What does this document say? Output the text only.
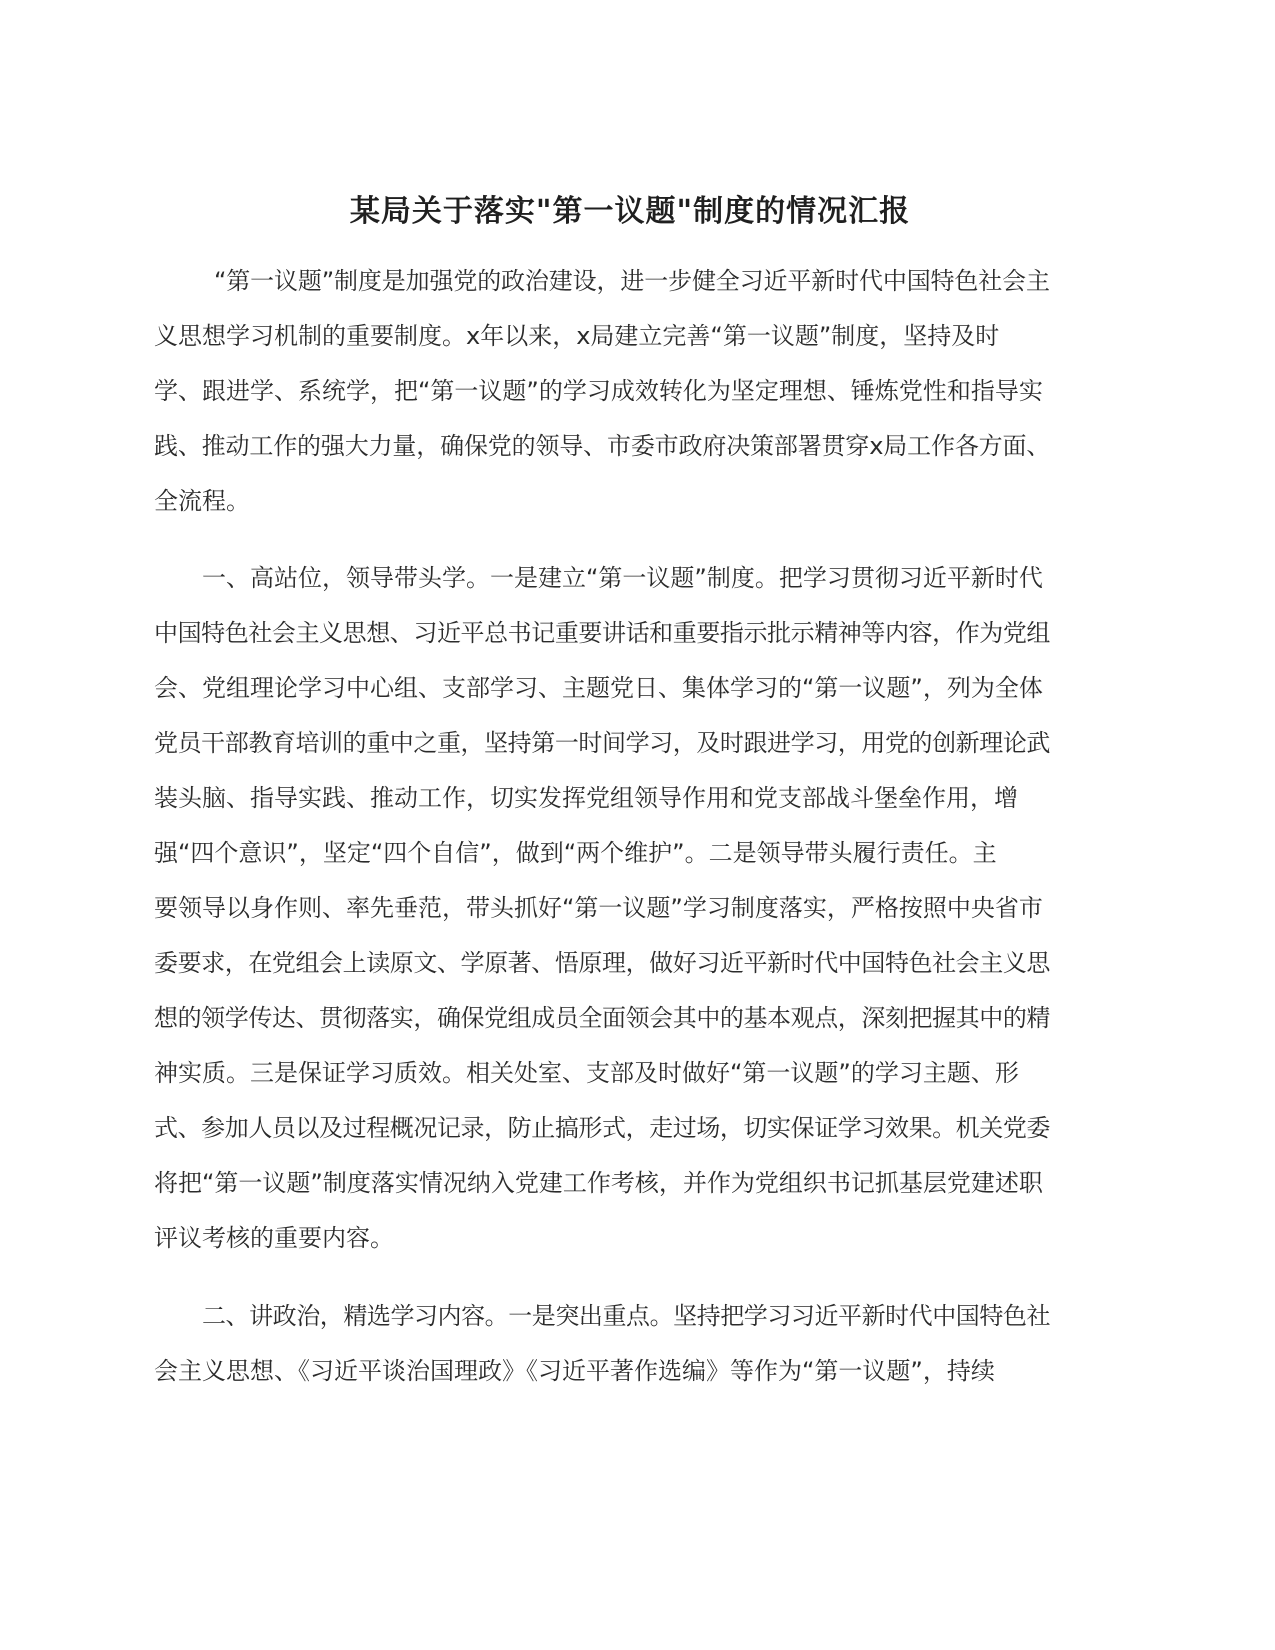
某局关于落实"第一议题"制度的情况汇报
“第一议题”制度是加强党的政治建设，进一步健全习近平新时代中国特色社会主
义思想学习机制的重要制度。x年以来，x局建立完善“第一议题”制度，坚持及时
学、跟进学、系统学，把“第一议题”的学习成效转化为坚定理想、锤炼党性和指导实
践、推动工作的强大力量，确保党的领导、市委市政府决策部署贯穿x局工作各方面、
全流程。
一、高站位，领导带头学。一是建立“第一议题”制度。把学习贯彻习近平新时代
中国特色社会主义思想、习近平总书记重要讲话和重要指示批示精神等内容，作为党组
会、党组理论学习中心组、支部学习、主题党日、集体学习的“第一议题”，列为全体
党员干部教育培训的重中之重，坚持第一时间学习，及时跟进学习，用党的创新理论武
装头脑、指导实践、推动工作，切实发挥党组领导作用和党支部战斗堡垒作用，增
强“四个意识”，坚定“四个自信”，做到“两个维护”。二是领导带头履行责任。主
要领导以身作则、率先垂范，带头抓好“第一议题”学习制度落实，严格按照中央省市
委要求，在党组会上读原文、学原著、悟原理，做好习近平新时代中国特色社会主义思
想的领学传达、贯彻落实，确保党组成员全面领会其中的基本观点，深刻把握其中的精
神实质。三是保证学习质效。相关处室、支部及时做好“第一议题”的学习主题、形
式、参加人员以及过程概况记录，防止搞形式，走过场，切实保证学习效果。机关党委
将把“第一议题”制度落实情况纳入党建工作考核，并作为党组织书记抓基层党建述职
评议考核的重要内容。
二、讲政治，精选学习内容。一是突出重点。坚持把学习习近平新时代中国特色社
会主义思想、《习近平谈治国理政》《习近平著作选编》等作为“第一议题”，持续
